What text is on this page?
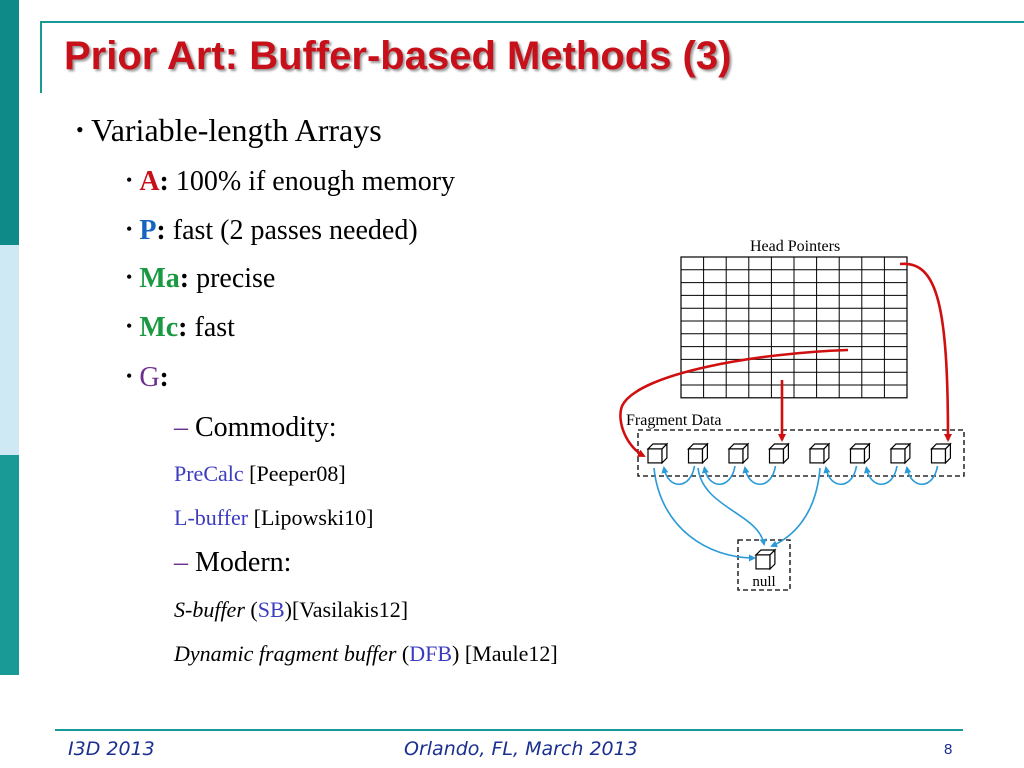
Prior Art: Buffer-based Methods (3)
• Variable-length Arrays
• A: 100% if enough memory
• P: fast (2 passes needed)
• Ma: precise
• Mc: fast
• G:
– Commodity:
PreCalc [Peeper08]
L-buffer [Lipowski10]
– Modern:
S-buffer (SB)[Vasilakis12]
Dynamic fragment buffer (DFB) [Maule12]
Head Pointers
Fragment Data
null
I3D 2013	Orlando, FL, March 2013	8
